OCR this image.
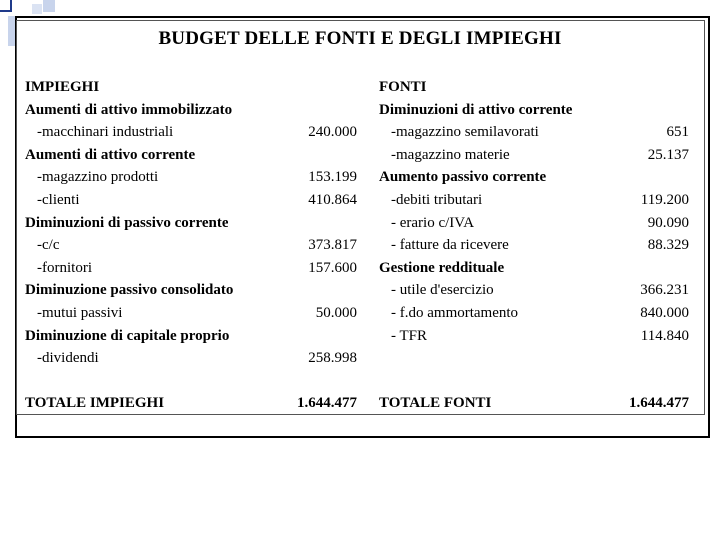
BUDGET DELLE FONTI E DEGLI IMPIEGHI
IMPIEGHI
Aumenti di attivo immobilizzato
-macchinari industriali	240.000
Aumenti di attivo corrente
-magazzino prodotti	153.199
-clienti	410.864
Diminuzioni di passivo corrente
-c/c	373.817
-fornitori	157.600
Diminuzione passivo consolidato
-mutui passivi	50.000
Diminuzione di capitale proprio
-dividendi	258.998
TOTALE IMPIEGHI	1.644.477
FONTI
Diminuzioni di attivo corrente
-magazzino semilavorati	651
-magazzino materie	25.137
Aumento passivo corrente
-debiti tributari	119.200
- erario c/IVA	90.090
- fatture da ricevere	88.329
Gestione reddituale
- utile d'esercizio	366.231
- f.do ammortamento	840.000
- TFR	114.840
TOTALE FONTI	1.644.477
